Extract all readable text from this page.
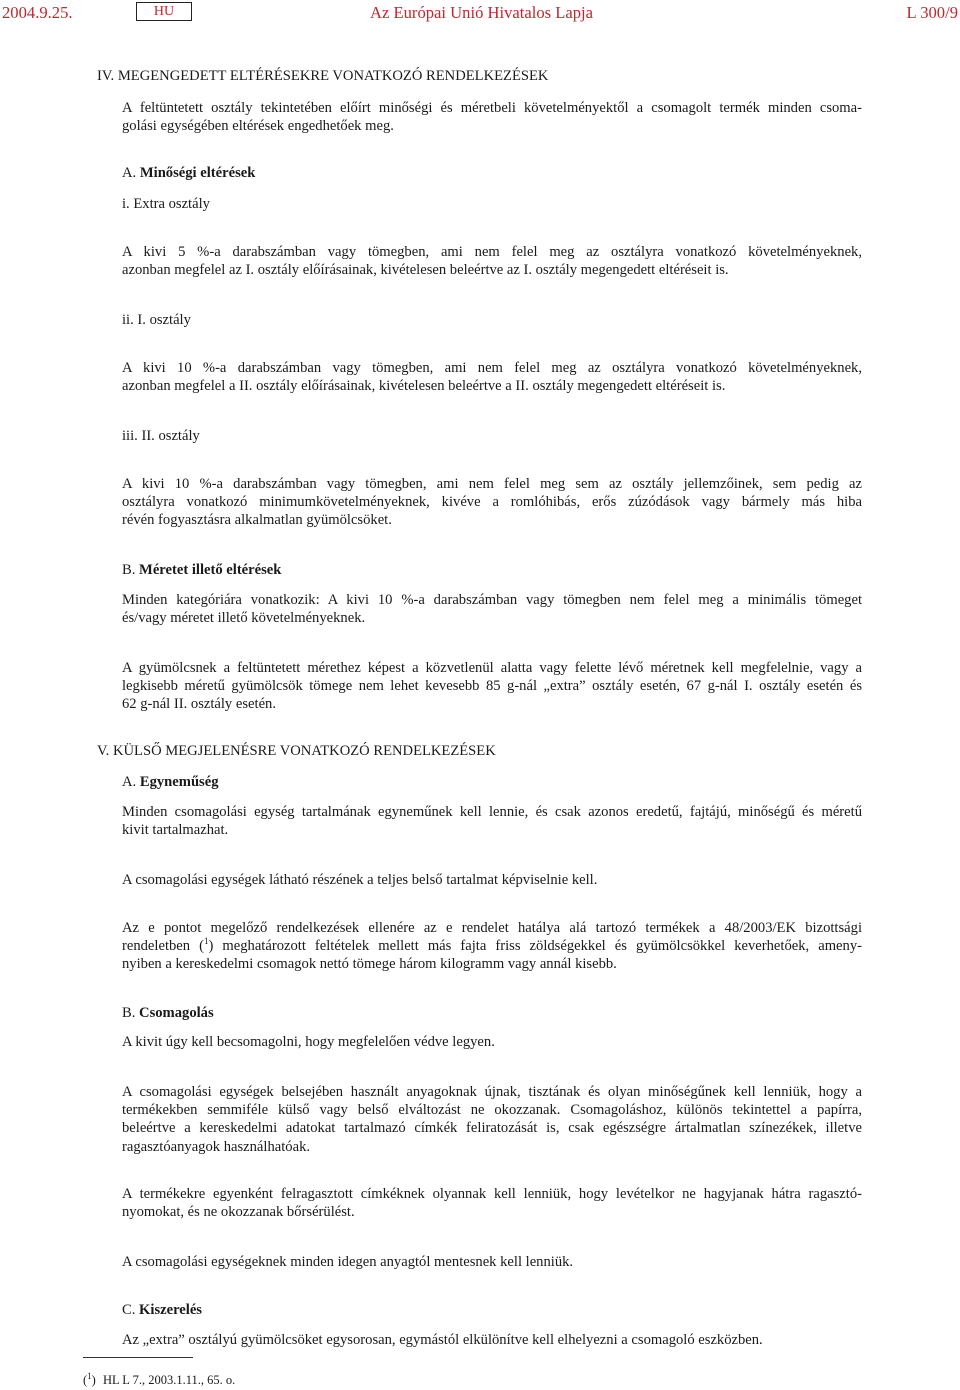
2004.9.25.	HU	Az Európai Unió Hivatalos Lapja	L 300/9
IV. MEGENGEDETT ELTÉRÉSEKRE VONATKOZÓ RENDELKEZÉSEK
A feltüntetett osztály tekintetében előírt minőségi és méretbeli követelményektől a csomagolt termék minden csoma-
golási egységében eltérések engedhetőek meg.
A. Minőségi eltérések
i. Extra osztály
A kivi 5 %-a darabszámban vagy tömegben, ami nem felel meg az osztályra vonatkozó követelményeknek,
azonban megfelel az I. osztály előírásainak, kivételesen beleértve az I. osztály megengedett eltéréseit is.
ii. I. osztály
A kivi 10 %-a darabszámban vagy tömegben, ami nem felel meg az osztályra vonatkozó követelményeknek,
azonban megfelel a II. osztály előírásainak, kivételesen beleértve a II. osztály megengedett eltéréseit is.
iii. II. osztály
A kivi 10 %-a darabszámban vagy tömegben, ami nem felel meg sem az osztály jellemzőinek, sem pedig az
osztályra vonatkozó minimumkövetelményeknek, kivéve a romlóhibás, erős zúzódások vagy bármely más hiba
révén fogyasztásra alkalmatlan gyümölcsöket.
B. Méretet illető eltérések
Minden kategóriára vonatkozik: A kivi 10 %-a darabszámban vagy tömegben nem felel meg a minimális tömeget
és/vagy méretet illető követelményeknek.
A gyümölcsnek a feltüntetett mérethez képest a közvetlenül alatta vagy felette lévő méretnek kell megfelelnie, vagy a
legkisebb méretű gyümölcsök tömege nem lehet kevesebb 85 g-nál „extra” osztály esetén, 67 g-nál I. osztály esetén és
62 g-nál II. osztály esetén.
V. KÜLSŐ MEGJELENÉSRE VONATKOZÓ RENDELKEZÉSEK
A. Egyneműség
Minden csomagolási egység tartalmának egyneműnek kell lennie, és csak azonos eredetű, fajtájú, minőségű és méretű
kivit tartalmazhat.
A csomagolási egységek látható részének a teljes belső tartalmat képviselnie kell.
Az e pontot megelőző rendelkezések ellenére az e rendelet hatálya alá tartozó termékek a 48/2003/EK bizottsági
rendeletben ($^1$) meghatározott feltételek mellett más fajta friss zöldségekkel és gyümölcsökkel keverhetőek, ameny-
nyiben a kereskedelmi csomagok nettó tömege három kilogramm vagy annál kisebb.
B. Csomagolás
A kivit úgy kell becsomagolni, hogy megfelelően védve legyen.
A csomagolási egységek belsejében használt anyagoknak újnak, tisztának és olyan minőségűnek kell lenniük, hogy a
termékekben semmiféle külső vagy belső elváltozást ne okozzanak. Csomagoláshoz, különös tekintettel a papírra,
beleértve a kereskedelmi adatokat tartalmazó címkék feliratozását is, csak egészségre ártalmatlan színezékek, illetve
ragasztóanyagok használhatóak.
A termékekre egyenként felragasztott címkéknek olyannak kell lenniük, hogy levételkor ne hagyjanak hátra ragasztó-
nyomokat, és ne okozzanak bőrsérülést.
A csomagolási egységeknek minden idegen anyagtól mentesnek kell lenniük.
C. Kiszerelés
Az „extra” osztályú gyümölcsöket egysorosan, egymástól elkülönítve kell elhelyezni a csomagoló eszközben.
($^1$) HL L 7., 2003.1.11., 65. o.
